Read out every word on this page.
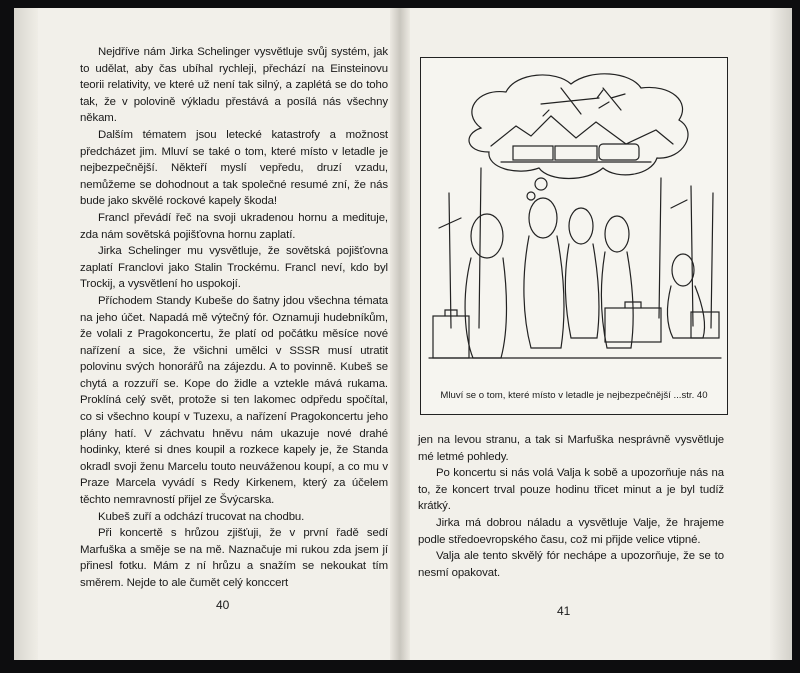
Nejdříve nám Jirka Schelinger vysvětluje svůj systém, jak to udělat, aby čas ubíhal rychleji, přechází na Einsteinovu teorii relativity, ve které už není tak silný, a zaplétá se do toho tak, že v polovině výkladu přestává a posílá nás všechny někam.

Dalším tématem jsou letecké katastrofy a možnost předcházet jim. Mluví se také o tom, které místo v letadle je nejbezpečnější. Někteří myslí vepředu, druzí vzadu, nemůžeme se dohodnout a tak společné resumé zní, že nás bude jako skvělé rockové kapely škoda!

Francl převádí řeč na svoji ukradenou hornu a medituje, zda nám sovětská pojišťovna hornu zaplatí.

Jirka Schelinger mu vysvětluje, že sovětská pojišťovna zaplatí Franclovi jako Stalin Trockému. Francl neví, kdo byl Trockij, a vysvětlení ho uspokojí.

Příchodem Standy Kubeše do šatny jdou všechna témata na jeho účet. Napadá mě výtečný fór. Oznamuji hudebníkům, že volali z Pragokoncertu, že platí od počátku měsíce nové nařízení a sice, že všichni umělci v SSSR musí utratit polovinu svých honorářů na zájezdu. A to povinně. Kubeš se chytá a rozzuří se. Kope do židle a vztekle mává rukama. Proklíná celý svět, protože si ten lakomec odpředu spočítal, co si všechno koupí v Tuzexu, a nařízení Pragokoncertu jeho plány hatí. V záchvatu hněvu nám ukazuje nové drahé hodinky, které si dnes koupil a rozkece kapely je, že Standa okradl svoji ženu Marcelu touto neuváženou koupí, a co mu v Praze Marcela vyvádí s Redy Kirkenem, který za účelem těchto nemravností přijel ze Švýcarska.

Kubeš zuří a odchází trucovat na chodbu.

Při koncertě s hrůzou zjišťuji, že v první řadě sedí Marfuška a směje se na mě. Naznačuje mi rukou zda jsem jí přinesl fotku. Mám z ní hrůzu a snažím se nekoukat tím směrem. Nejde to ale čumět celý konccert

40
Mluví se o tom, které místo v letadle je nejbezpečnější ...str. 40

jen na levou stranu, a tak si Marfuška nesprávně vysvětluje mé letmé pohledy.

Po koncertu si nás volá Valja k sobě a upozorňuje nás na to, že koncert trval pouze hodinu třicet minut a je byl tudíž krátký.

Jirka má dobrou náladu a vysvětluje Valje, že hrajeme podle středoevropského času, což mi přijde velice vtipné.

Valja ale tento skvělý fór nechápe a upozorňuje, že se to nesmí opakovat.

41
